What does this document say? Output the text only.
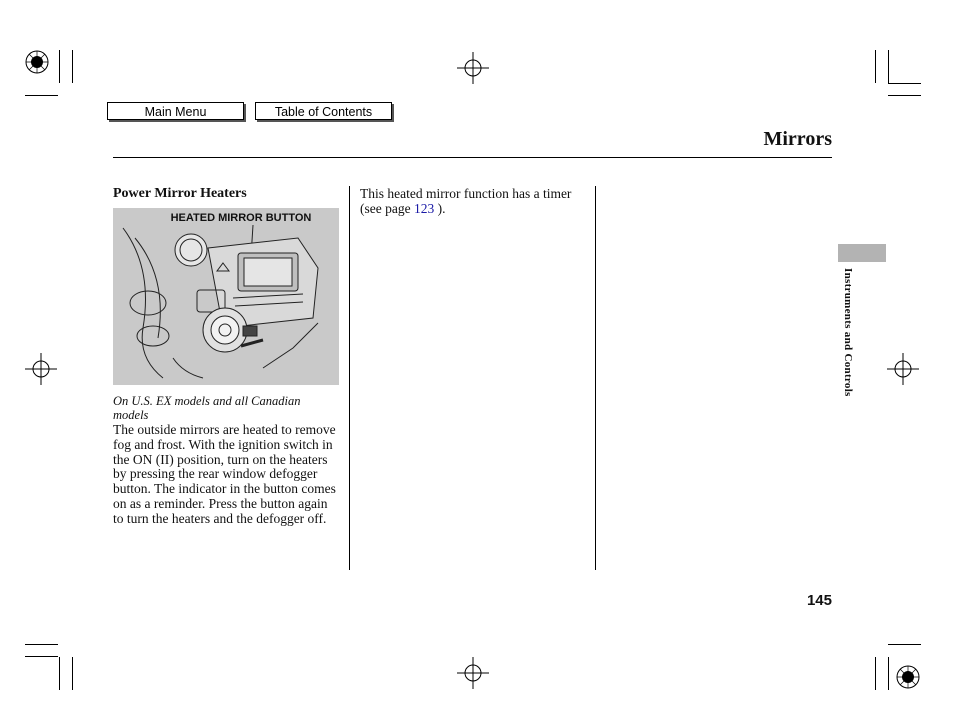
Main Menu	Table of Contents
Mirrors
Power Mirror Heaters
HEATED MIRROR BUTTON
On U.S. EX models and all Canadian models
The outside mirrors are heated to remove fog and frost. With the ignition switch in the ON (II) position, turn on the heaters by pressing the rear window defogger button. The indicator in the button comes on as a reminder. Press the button again to turn the heaters and the defogger off.
This heated mirror function has a timer (see page 123 ).
Instruments and Controls
145
